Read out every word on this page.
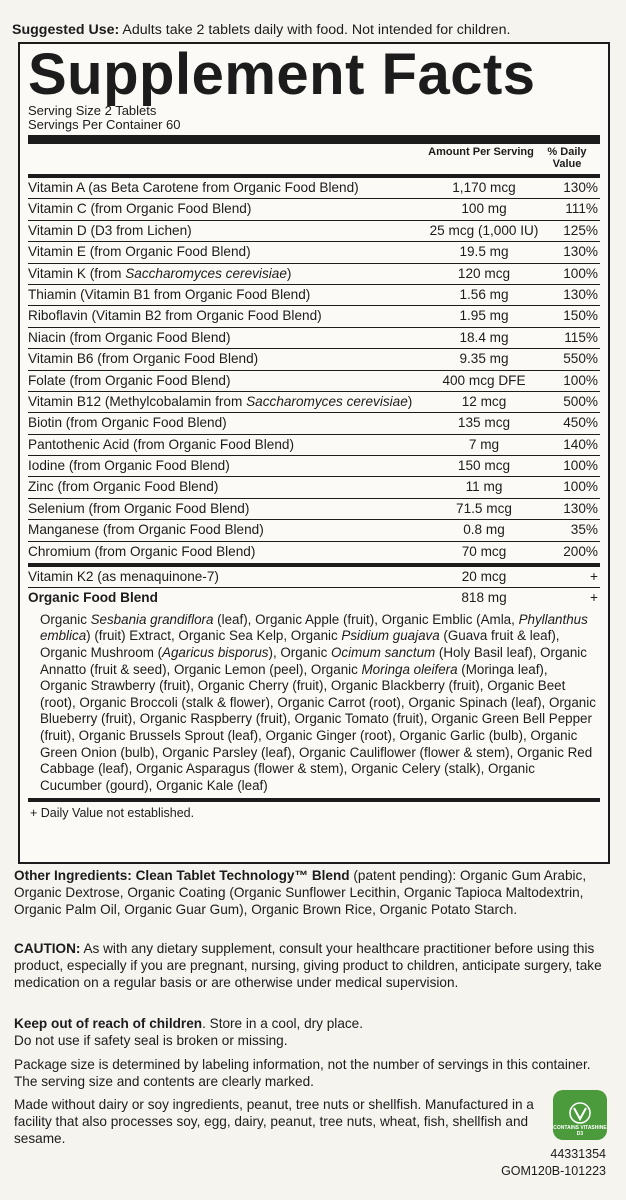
Suggested Use: Adults take 2 tablets daily with food. Not intended for children.
Supplement Facts
Serving Size 2 Tablets
Servings Per Container 60
Amount Per Serving	% Daily Value
Vitamin A (as Beta Carotene from Organic Food Blend)	1,170 mcg	130%
Vitamin C (from Organic Food Blend)	100 mg	111%
Vitamin D (D3 from Lichen)	25 mcg (1,000 IU)	125%
Vitamin E (from Organic Food Blend)	19.5 mg	130%
Vitamin K (from Saccharomyces cerevisiae)	120 mcg	100%
Thiamin (Vitamin B1 from Organic Food Blend)	1.56 mg	130%
Riboflavin (Vitamin B2 from Organic Food Blend)	1.95 mg	150%
Niacin (from Organic Food Blend)	18.4 mg	115%
Vitamin B6 (from Organic Food Blend)	9.35 mg	550%
Folate (from Organic Food Blend)	400 mcg DFE	100%
Vitamin B12 (Methylcobalamin from Saccharomyces cerevisiae)	12 mcg	500%
Biotin (from Organic Food Blend)	135 mcg	450%
Pantothenic Acid (from Organic Food Blend)	7 mg	140%
Iodine (from Organic Food Blend)	150 mcg	100%
Zinc (from Organic Food Blend)	11 mg	100%
Selenium (from Organic Food Blend)	71.5 mcg	130%
Manganese (from Organic Food Blend)	0.8 mg	35%
Chromium (from Organic Food Blend)	70 mcg	200%
Vitamin K2 (as menaquinone-7)	20 mcg	+
Organic Food Blend	818 mg	+
Organic Sesbania grandiflora (leaf), Organic Apple (fruit), Organic Emblic (Amla, Phyllanthus emblica) (fruit) Extract, Organic Sea Kelp, Organic Psidium guajava (Guava fruit & leaf), Organic Mushroom (Agaricus bisporus), Organic Ocimum sanctum (Holy Basil leaf), Organic Annatto (fruit & seed), Organic Lemon (peel), Organic Moringa oleifera (Moringa leaf), Organic Strawberry (fruit), Organic Cherry (fruit), Organic Blackberry (fruit), Organic Beet (root), Organic Broccoli (stalk & flower), Organic Carrot (root), Organic Spinach (leaf), Organic Blueberry (fruit), Organic Raspberry (fruit), Organic Tomato (fruit), Organic Green Bell Pepper (fruit), Organic Brussels Sprout (leaf), Organic Ginger (root), Organic Garlic (bulb), Organic Green Onion (bulb), Organic Parsley (leaf), Organic Cauliflower (flower & stem), Organic Red Cabbage (leaf), Organic Asparagus (flower & stem), Organic Celery (stalk), Organic Cucumber (gourd), Organic Kale (leaf)
+ Daily Value not established.
Other Ingredients: Clean Tablet Technology™ Blend (patent pending): Organic Gum Arabic, Organic Dextrose, Organic Coating (Organic Sunflower Lecithin, Organic Tapioca Maltodextrin, Organic Palm Oil, Organic Guar Gum), Organic Brown Rice, Organic Potato Starch.
CAUTION: As with any dietary supplement, consult your healthcare practitioner before using this product, especially if you are pregnant, nursing, giving product to children, anticipate surgery, take medication on a regular basis or are otherwise under medical supervision.
Keep out of reach of children. Store in a cool, dry place.
Do not use if safety seal is broken or missing.
Package size is determined by labeling information, not the number of servings in this container. The serving size and contents are clearly marked.
Made without dairy or soy ingredients, peanut, tree nuts or shellfish. Manufactured in a facility that also processes soy, egg, dairy, peanut, tree nuts, wheat, fish, shellfish and sesame.
CONTAINS VITASHINE D3
44331354
GOM120B-101223
